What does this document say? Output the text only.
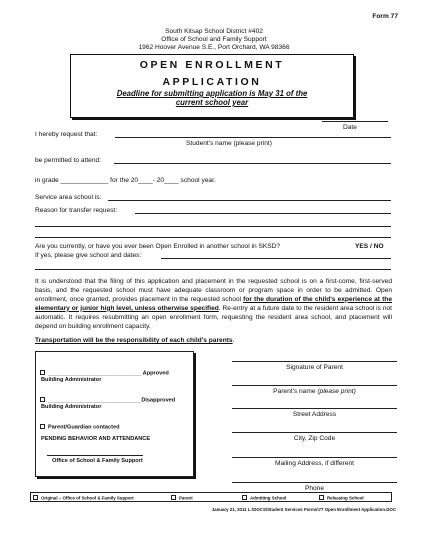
Form 77
South Kitsap School District #402
Office of School and Family Support
1962 Hoover Avenue S.E., Port Orchard, WA 98366
OPEN ENROLLMENT
APPLICATION
Deadline for submitting application is May 31 of the
current school year
Date
I hereby request that:
Student's name (please print)
be permitted to attend:
in grade _____________ for the 20____- 20____ school year.
Service area school is:
Reason for transfer request:
Are you currently, or have you ever been Open Enrolled in another school in SKSD?	YES / NO
If yes, please give school and dates:
It is understood that the filing of this application and placement in the requested school is on a first-come, first-served basis, and the requested school must have adequate classroom or program space in order to be admitted. Open enrollment, once granted, provides placement in the requested school for the duration of the child's experience at the elementary or junior high level, unless otherwise specified. Re-entry at a future date to the resident area school is not automatic. It requires resubmitting an open enrollment form, requesting the resident area school, and placement will depend on building enrollment capacity.
Transportation will be the responsibility of each child's parents.
______________________________ Approved
Building Administrator
______________________________Disapproved
Building Administrator
Parent/Guardian contacted
PENDING BEHAVIOR AND ATTENDANCE
Office of School & Family Support
Signature of Parent
Parent's name (please print)
Street Address
City, Zip Code
Mailing Address, if different
Phone
Original – Office of School & Family Support	Parent	Admitting School	Releasing School
January 21, 2011 L:\DOCS\Student Services Forms\77 Open Enrollment Application.DOC
